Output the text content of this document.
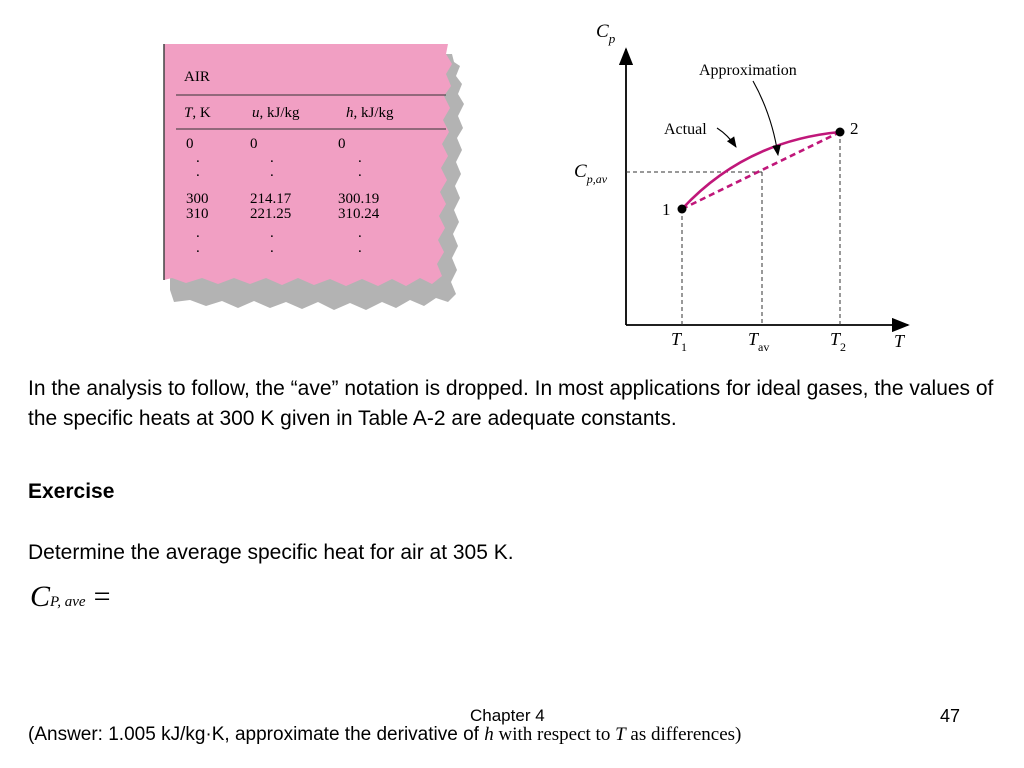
AIR
T, K	u, kJ/kg	h, kJ/kg
0	0	0
.	.	.
.	.	.
300	214.17	300.19
310	221.25	310.24
.	.	.
.	.	.
$C_p$
T
1
2
$C_{p,av}$
Actual
Approximation
$T_1$	$T_{av}$	$T_2$
In the analysis to follow, the “ave” notation is dropped. In most applications for ideal gases, the values of the specific heats at 300 K given in Table A-2 are adequate constants.
Exercise
Determine the average specific heat for air at 305 K.
CP, ave =
Chapter 4	47
(Answer: 1.005 kJ/kg·K, approximate the derivative of h with respect to T as differences)
